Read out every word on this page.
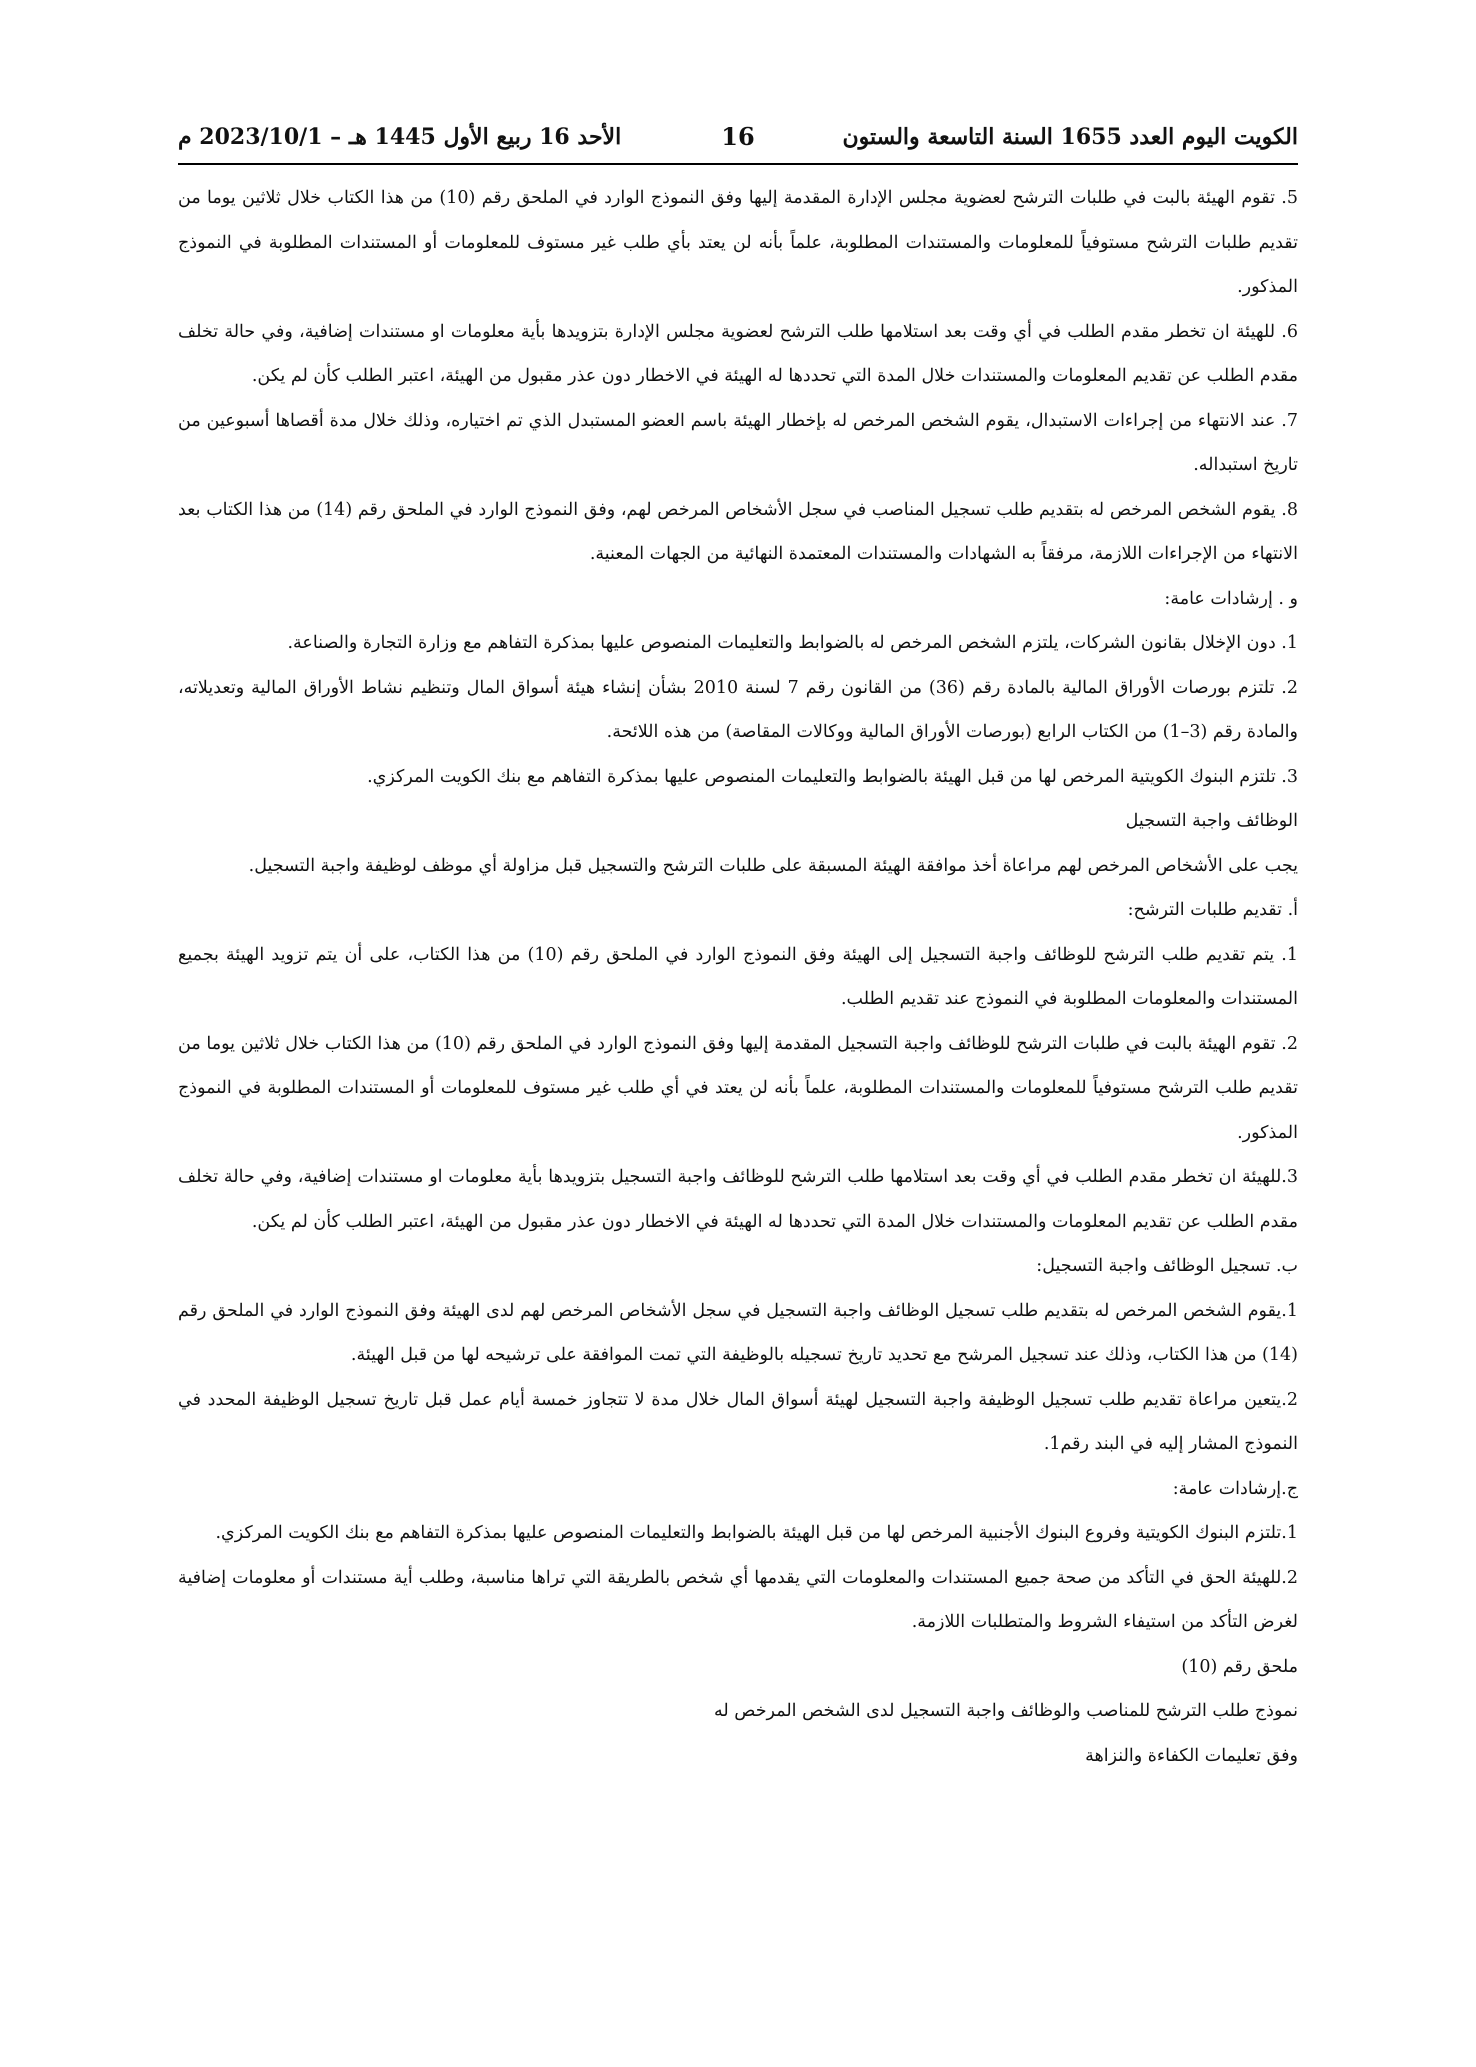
الكويت اليوم العدد 1655 السنة التاسعة والستون
16
الأحد 16 ربيع الأول 1445 هـ – 2023/10/1 م

5. تقوم الهيئة بالبت في طلبات الترشح لعضوية مجلس الإدارة المقدمة إليها وفق النموذج الوارد في الملحق رقم (10) من هذا الكتاب خلال ثلاثين يوما من تقديم طلبات الترشح مستوفياً للمعلومات والمستندات المطلوبة، علماً بأنه لن يعتد بأي طلب غير مستوف للمعلومات أو المستندات المطلوبة في النموذج المذكور.

6. للهيئة ان تخطر مقدم الطلب في أي وقت بعد استلامها طلب الترشح لعضوية مجلس الإدارة بتزويدها بأية معلومات او مستندات إضافية، وفي حالة تخلف مقدم الطلب عن تقديم المعلومات والمستندات خلال المدة التي تحددها له الهيئة في الاخطار دون عذر مقبول من الهيئة، اعتبر الطلب كأن لم يكن.

7. عند الانتهاء من إجراءات الاستبدال، يقوم الشخص المرخص له بإخطار الهيئة باسم العضو المستبدل الذي تم اختياره، وذلك خلال مدة أقصاها أسبوعين من تاريخ استبداله.

8. يقوم الشخص المرخص له بتقديم طلب تسجيل المناصب في سجل الأشخاص المرخص لهم، وفق النموذج الوارد في الملحق رقم (14) من هذا الكتاب بعد الانتهاء من الإجراءات اللازمة، مرفقاً به الشهادات والمستندات المعتمدة النهائية من الجهات المعنية.

و . إرشادات عامة:

1. دون الإخلال بقانون الشركات، يلتزم الشخص المرخص له بالضوابط والتعليمات المنصوص عليها بمذكرة التفاهم مع وزارة التجارة والصناعة.

2. تلتزم بورصات الأوراق المالية بالمادة رقم (36) من القانون رقم 7 لسنة 2010 بشأن إنشاء هيئة أسواق المال وتنظيم نشاط الأوراق المالية وتعديلاته، والمادة رقم (3–1) من الكتاب الرابع (بورصات الأوراق المالية ووكالات المقاصة) من هذه اللائحة.

3. تلتزم البنوك الكويتية المرخص لها من قبل الهيئة بالضوابط والتعليمات المنصوص عليها بمذكرة التفاهم مع بنك الكويت المركزي.

الوظائف واجبة التسجيل

يجب على الأشخاص المرخص لهم مراعاة أخذ موافقة الهيئة المسبقة على طلبات الترشح والتسجيل قبل مزاولة أي موظف لوظيفة واجبة التسجيل.

أ. تقديم طلبات الترشح:

1. يتم تقديم طلب الترشح للوظائف واجبة التسجيل إلى الهيئة وفق النموذج الوارد في الملحق رقم (10) من هذا الكتاب، على أن يتم تزويد الهيئة بجميع المستندات والمعلومات المطلوبة في النموذج عند تقديم الطلب.

2. تقوم الهيئة بالبت في طلبات الترشح للوظائف واجبة التسجيل المقدمة إليها وفق النموذج الوارد في الملحق رقم (10) من هذا الكتاب خلال ثلاثين يوما من تقديم طلب الترشح مستوفياً للمعلومات والمستندات المطلوبة، علماً بأنه لن يعتد في أي طلب غير مستوف للمعلومات أو المستندات المطلوبة في النموذج المذكور.

3.للهيئة ان تخطر مقدم الطلب في أي وقت بعد استلامها طلب الترشح للوظائف واجبة التسجيل بتزويدها بأية معلومات او مستندات إضافية، وفي حالة تخلف مقدم الطلب عن تقديم المعلومات والمستندات خلال المدة التي تحددها له الهيئة في الاخطار دون عذر مقبول من الهيئة، اعتبر الطلب كأن لم يكن.

ب. تسجيل الوظائف واجبة التسجيل:

1.يقوم الشخص المرخص له بتقديم طلب تسجيل الوظائف واجبة التسجيل في سجل الأشخاص المرخص لهم لدى الهيئة وفق النموذج الوارد في الملحق رقم (14) من هذا الكتاب، وذلك عند تسجيل المرشح مع تحديد تاريخ تسجيله بالوظيفة التي تمت الموافقة على ترشيحه لها من قبل الهيئة.

2.يتعين مراعاة تقديم طلب تسجيل الوظيفة واجبة التسجيل لهيئة أسواق المال خلال مدة لا تتجاوز خمسة أيام عمل قبل تاريخ تسجيل الوظيفة المحدد في النموذج المشار إليه في البند رقم1.

ج.إرشادات عامة:

1.تلتزم البنوك الكويتية وفروع البنوك الأجنبية المرخص لها من قبل الهيئة بالضوابط والتعليمات المنصوص عليها بمذكرة التفاهم مع بنك الكويت المركزي.

2.للهيئة الحق في التأكد من صحة جميع المستندات والمعلومات التي يقدمها أي شخص بالطريقة التي تراها مناسبة، وطلب أية مستندات أو معلومات إضافية لغرض التأكد من استيفاء الشروط والمتطلبات اللازمة.

ملحق رقم (10)

نموذج طلب الترشح للمناصب والوظائف واجبة التسجيل لدى الشخص المرخص له

وفق تعليمات الكفاءة والنزاهة
